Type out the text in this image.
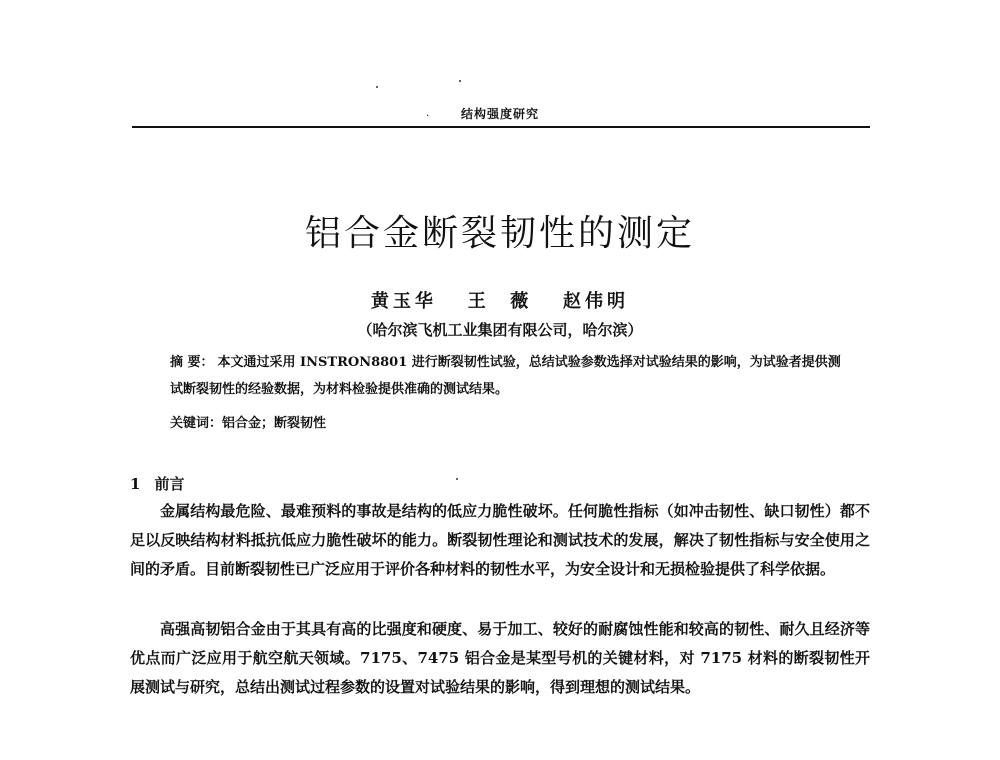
.	结构强度研究
铝合金断裂韧性的测定
黄玉华   王  薇   赵伟明
（哈尔滨飞机工业集团有限公司，哈尔滨）
摘 要： 本文通过采用 INSTRON8801 进行断裂韧性试验，总结试验参数选择对试验结果的影响，为试验者提供测试断裂韧性的经验数据，为材料检验提供准确的测试结果。
关键词：铝合金；断裂韧性
1 前言

金属结构最危险、最难预料的事故是结构的低应力脆性破坏。任何脆性指标（如冲击韧性、缺口韧性）都不足以反映结构材料抵抗低应力脆性破坏的能力。断裂韧性理论和测试技术的发展，解决了韧性指标与安全使用之间的矛盾。目前断裂韧性已广泛应用于评价各种材料的韧性水平，为安全设计和无损检验提供了科学依据。

高强高韧铝合金由于其具有高的比强度和硬度、易于加工、较好的耐腐蚀性能和较高的韧性、耐久且经济等优点而广泛应用于航空航天领域。7175、7475 铝合金是某型号机的关键材料，对 7175 材料的断裂韧性开展测试与研究，总结出测试过程参数的设置对试验结果的影响，得到理想的测试结果。
